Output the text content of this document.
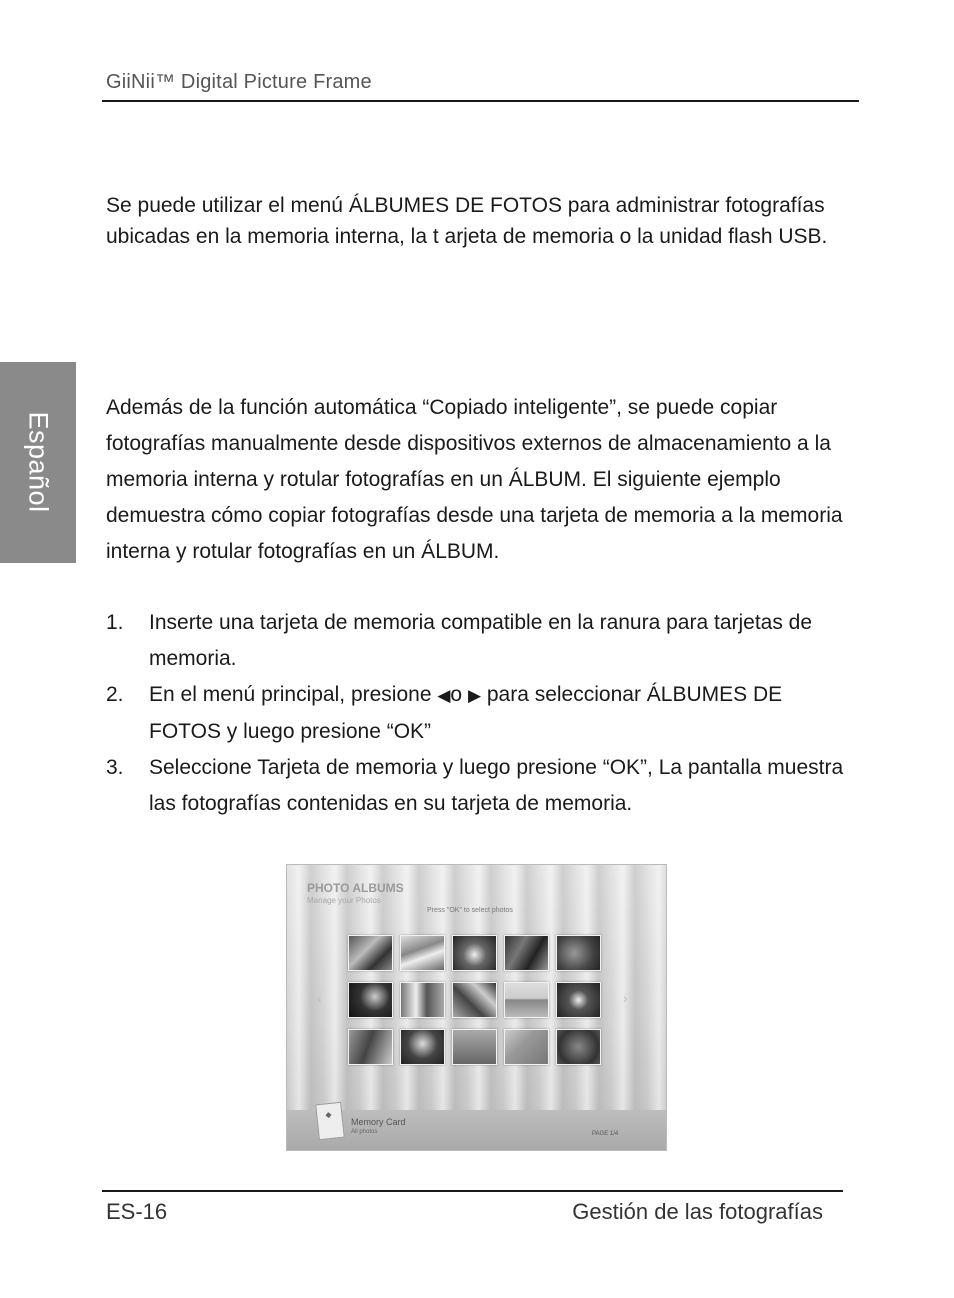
GiiNii™ Digital Picture Frame
Español

Se puede utilizar el menú ÁLBUMES DE FOTOS para administrar fotografías ubicadas en la memoria interna, la t arjeta de memoria o la unidad flash USB.

Además de la función automática “Copiado inteligente”, se puede copiar fotografías manualmente desde dispositivos externos de almacenamiento a la memoria interna y rotular fotografías en un ÁLBUM. El siguiente ejemplo demuestra cómo copiar fotografías desde una tarjeta de memoria a la memoria interna y rotular fotografías en un ÁLBUM.

1.	Inserte una tarjeta de memoria compatible en la ranura para tarjetas de memoria.
2.	En el menú principal, presione ◀o ▶ para seleccionar ÁLBUMES DE FOTOS y luego presione “OK”
3.	Seleccione Tarjeta de memoria y luego presione “OK”, La pantalla muestra las fotografías contenidas en su tarjeta de memoria.
PHOTO ALBUMS
Manage your Photos
Press "OK" to select photos
‹	›
◆
Memory Card
All photos	PAGE 1/4
ES-16	Gestión de las fotografías
